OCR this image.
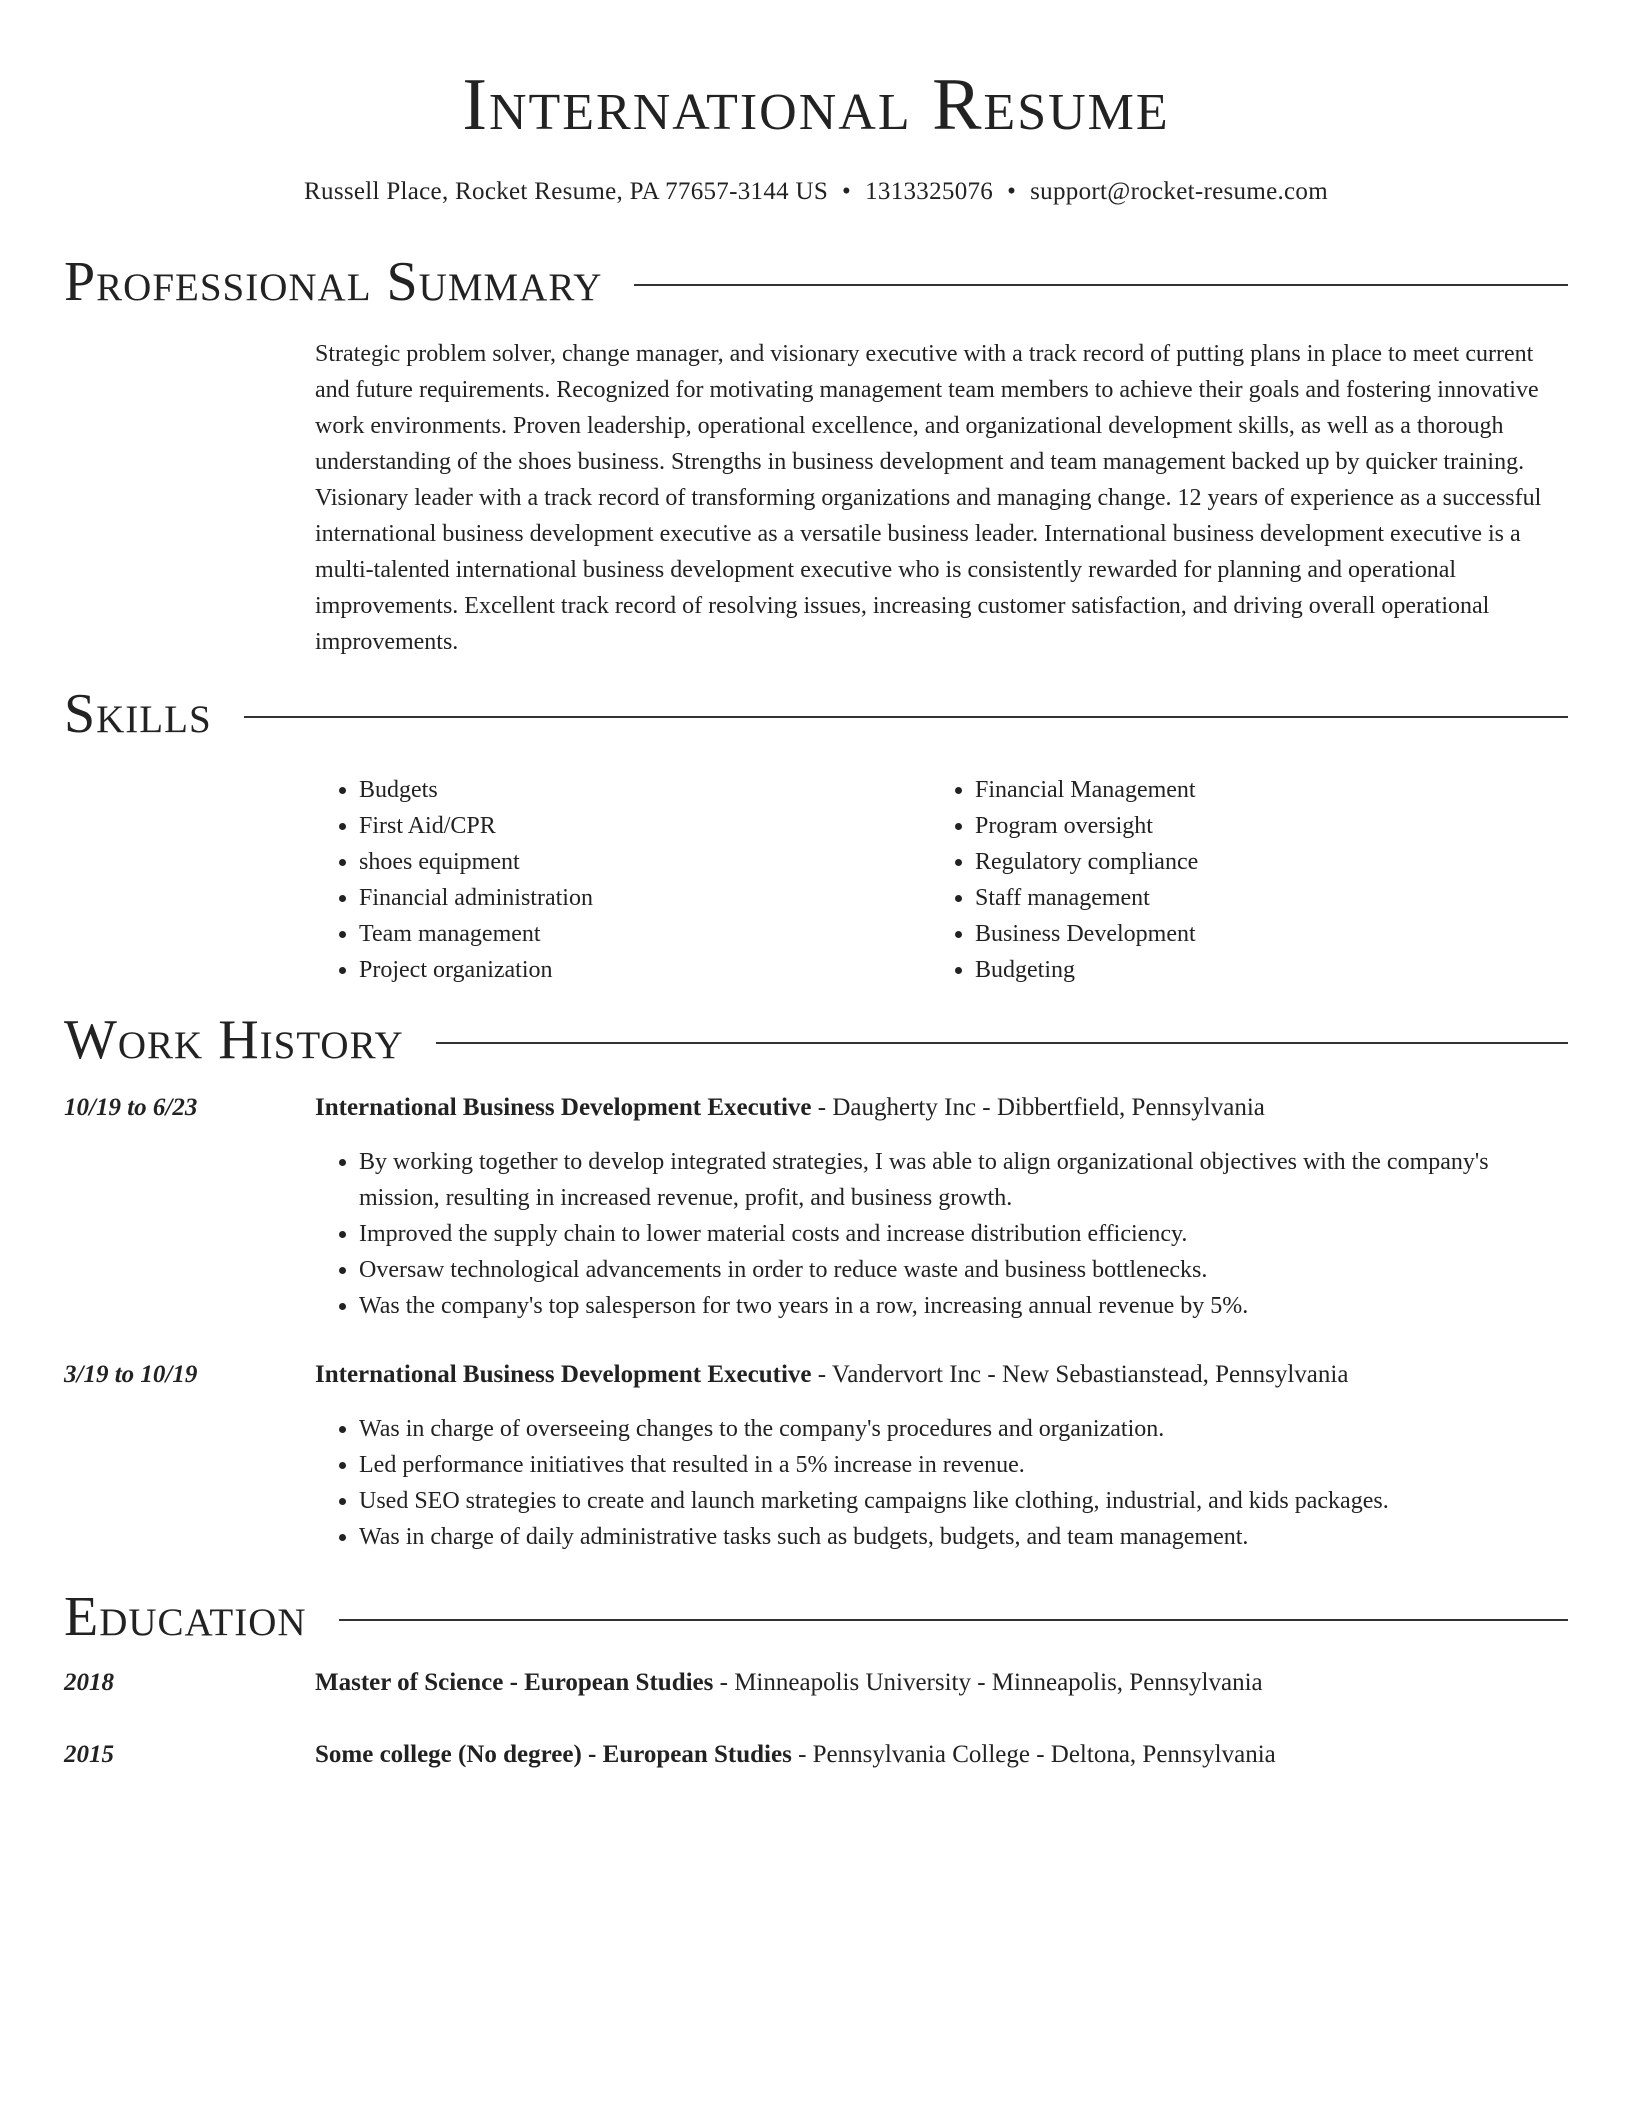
International Resume
Russell Place, Rocket Resume, PA 77657-3144 US • 1313325076 • support@rocket-resume.com
Professional Summary
Strategic problem solver, change manager, and visionary executive with a track record of putting plans in place to meet current and future requirements. Recognized for motivating management team members to achieve their goals and fostering innovative work environments. Proven leadership, operational excellence, and organizational development skills, as well as a thorough understanding of the shoes business. Strengths in business development and team management backed up by quicker training. Visionary leader with a track record of transforming organizations and managing change. 12 years of experience as a successful international business development executive as a versatile business leader. International business development executive is a multi-talented international business development executive who is consistently rewarded for planning and operational improvements. Excellent track record of resolving issues, increasing customer satisfaction, and driving overall operational improvements.
Skills
• Budgets
• First Aid/CPR
• shoes equipment
• Financial administration
• Team management
• Project organization
• Financial Management
• Program oversight
• Regulatory compliance
• Staff management
• Business Development
• Budgeting
Work History
10/19 to 6/23	International Business Development Executive - Daugherty Inc - Dibbertfield, Pennsylvania
• By working together to develop integrated strategies, I was able to align organizational objectives with the company's mission, resulting in increased revenue, profit, and business growth.
• Improved the supply chain to lower material costs and increase distribution efficiency.
• Oversaw technological advancements in order to reduce waste and business bottlenecks.
• Was the company's top salesperson for two years in a row, increasing annual revenue by 5%.
3/19 to 10/19	International Business Development Executive - Vandervort Inc - New Sebastianstead, Pennsylvania
• Was in charge of overseeing changes to the company's procedures and organization.
• Led performance initiatives that resulted in a 5% increase in revenue.
• Used SEO strategies to create and launch marketing campaigns like clothing, industrial, and kids packages.
• Was in charge of daily administrative tasks such as budgets, budgets, and team management.
Education
2018	Master of Science - European Studies - Minneapolis University - Minneapolis, Pennsylvania
2015	Some college (No degree) - European Studies - Pennsylvania College - Deltona, Pennsylvania
